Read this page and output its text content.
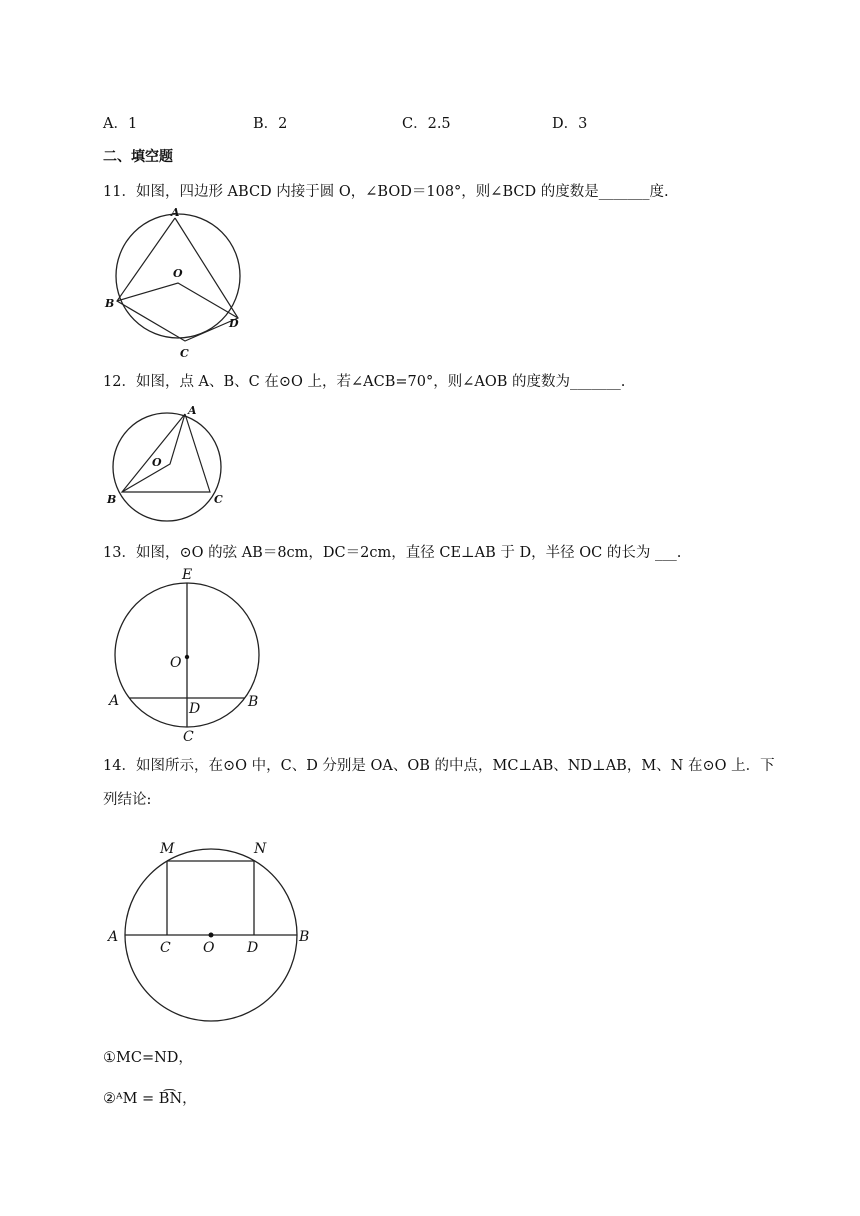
A．1	B．2	C．2.5	D．3
二、填空题
11．如图，四边形 ABCD 内接于圆 O，∠BOD＝108°，则∠BCD 的度数是_______度.
A
B
C
D
O
12．如图，点 A、B、C 在⊙O 上，若∠ACB=70°，则∠AOB 的度数为_______.
A
B	C
O
13．如图，⊙O 的弦 AB＝8cm，DC＝2cm，直径 CE⊥AB 于 D，半径 OC 的长为 ___.
E
O
A	B
D
C
14．如图所示，在⊙O 中，C、D 分别是 OA、OB 的中点，MC⊥AB、ND⊥AB，M、N 在⊙O 上．下
列结论:
M	N
A	B
C O D
①MC=ND，
②ᴬM = B͡N，
